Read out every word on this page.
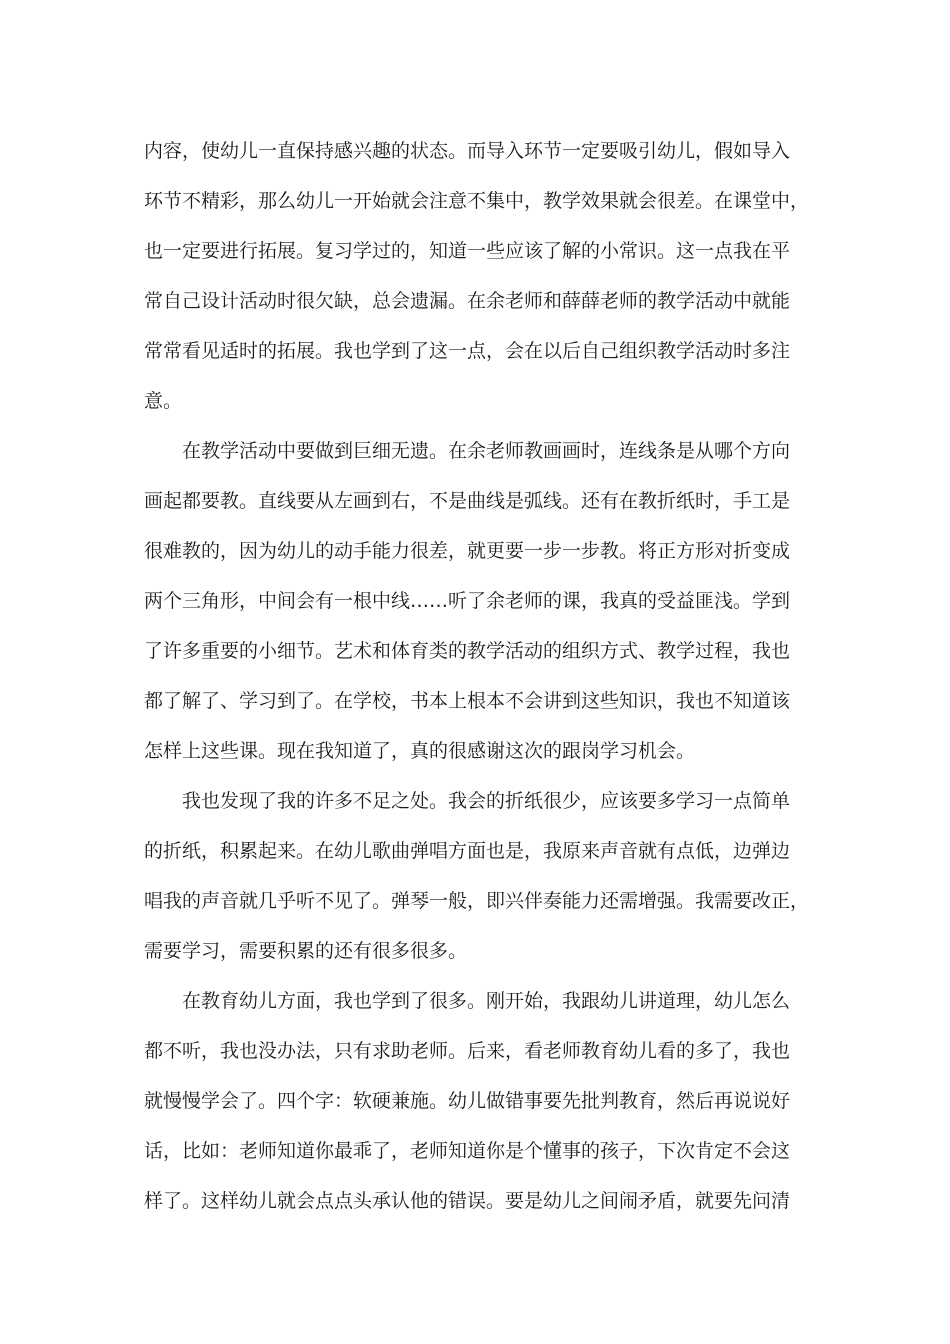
内容，使幼儿一直保持感兴趣的状态。而导入环节一定要吸引幼儿，假如导入
环节不精彩，那么幼儿一开始就会注意不集中，教学效果就会很差。在课堂中，
也一定要进行拓展。复习学过的，知道一些应该了解的小常识。这一点我在平
常自己设计活动时很欠缺，总会遗漏。在余老师和薛薛老师的教学活动中就能
常常看见适时的拓展。我也学到了这一点，会在以后自己组织教学活动时多注
意。
在教学活动中要做到巨细无遗。在余老师教画画时，连线条是从哪个方向
画起都要教。直线要从左画到右，不是曲线是弧线。还有在教折纸时，手工是
很难教的，因为幼儿的动手能力很差，就更要一步一步教。将正方形对折变成
两个三角形，中间会有一根中线……听了余老师的课，我真的受益匪浅。学到
了许多重要的小细节。艺术和体育类的教学活动的组织方式、教学过程，我也
都了解了、学习到了。在学校，书本上根本不会讲到这些知识，我也不知道该
怎样上这些课。现在我知道了，真的很感谢这次的跟岗学习机会。
我也发现了我的许多不足之处。我会的折纸很少，应该要多学习一点简单
的折纸，积累起来。在幼儿歌曲弹唱方面也是，我原来声音就有点低，边弹边
唱我的声音就几乎听不见了。弹琴一般，即兴伴奏能力还需增强。我需要改正，
需要学习，需要积累的还有很多很多。
在教育幼儿方面，我也学到了很多。刚开始，我跟幼儿讲道理，幼儿怎么
都不听，我也没办法，只有求助老师。后来，看老师教育幼儿看的多了，我也
就慢慢学会了。四个字：软硬兼施。幼儿做错事要先批判教育，然后再说说好
话，比如：老师知道你最乖了，老师知道你是个懂事的孩子，下次肯定不会这
样了。这样幼儿就会点点头承认他的错误。要是幼儿之间闹矛盾，就要先问清
